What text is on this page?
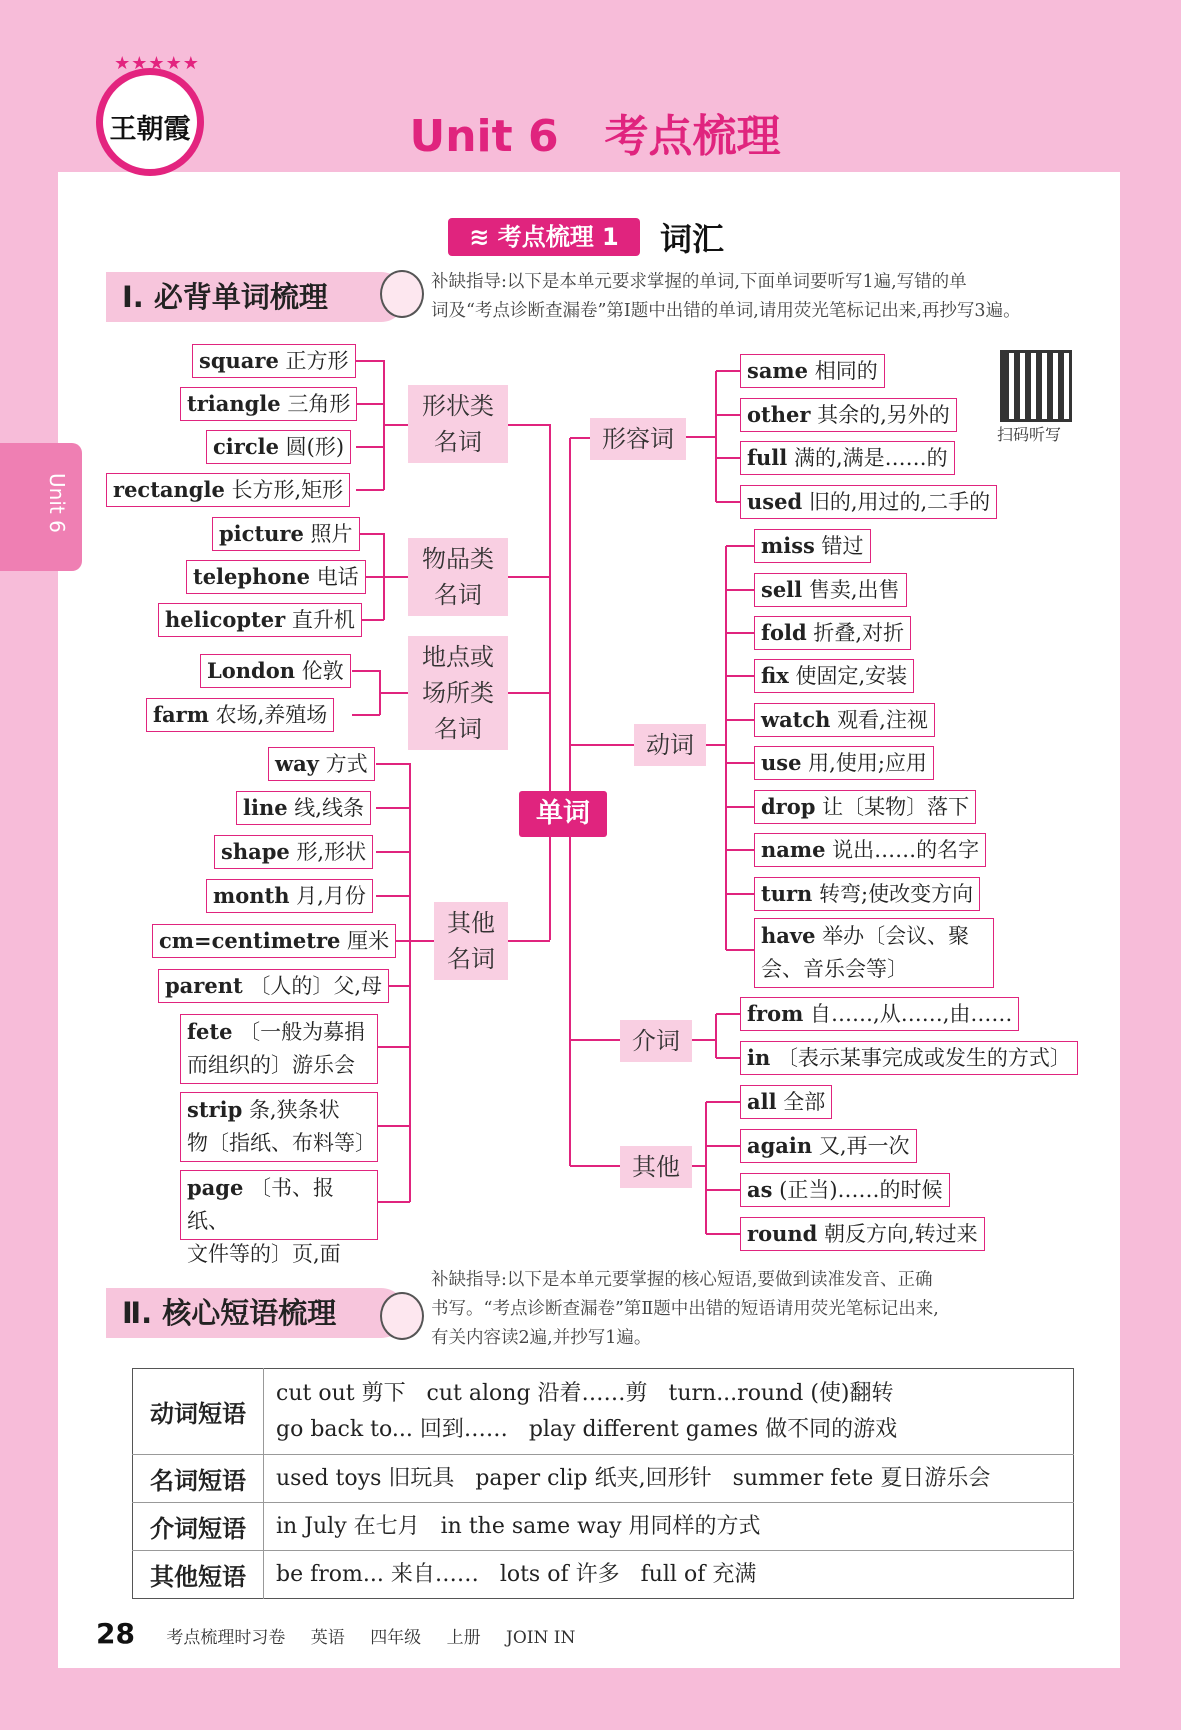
★★★★★
王朝霞	Unit 6   考点梳理
Unit 6
≋ 考点梳理 1	词汇
Ⅰ. 必背单词梳理	补缺指导:以下是本单元要求掌握的单词,下面单词要听写1遍,写错的单
词及“考点诊断查漏卷”第Ⅰ题中出错的单词,请用荧光笔标记出来,再抄写3遍。
扫码听写
单词
形状类
名词
物品类
名词
地点或
场所类
名词
其他
名词
形容词
动词
介词
其他
square 正方形
triangle 三角形
circle 圆(形)
rectangle 长方形,矩形
picture 照片
telephone 电话
helicopter 直升机
London 伦敦
farm 农场,养殖场
way 方式
line 线,线条
shape 形,形状
month 月,月份
cm=centimetre 厘米
parent 〔人的〕父,母
fete 〔一般为募捐
而组织的〕游乐会
strip 条,狭条状
物〔指纸、布料等〕
page 〔书、报纸、
文件等的〕页,面
same 相同的
other 其余的,另外的
full 满的,满是……的
used 旧的,用过的,二手的
miss 错过
sell 售卖,出售
fold 折叠,对折
fix 使固定,安装
watch 观看,注视
use 用,使用;应用
drop 让〔某物〕落下
name 说出……的名字
turn 转弯;使改变方向
have 举办〔会议、聚
会、音乐会等〕
from 自……,从……,由……
in 〔表示某事完成或发生的方式〕
all 全部
again 又,再一次
as (正当)……的时候
round 朝反方向,转过来
Ⅱ. 核心短语梳理
补缺指导:以下是本单元要掌握的核心短语,要做到读准发音、正确
书写。“考点诊断查漏卷”第Ⅱ题中出错的短语请用荧光笔标记出来,
有关内容读2遍,并抄写1遍。
动词短语	cut out 剪下   cut along 沿着……剪   turn...round (使)翻转
go back to... 回到……   play different games 做不同的游戏

名词短语	used toys 旧玩具   paper clip 纸夹,回形针   summer fete 夏日游乐会
介词短语	in July 在七月   in the same way 用同样的方式
其他短语	be from... 来自……   lots of 许多   full of 充满
28 考点梳理时习卷 英语 四年级 上册 JOIN IN
